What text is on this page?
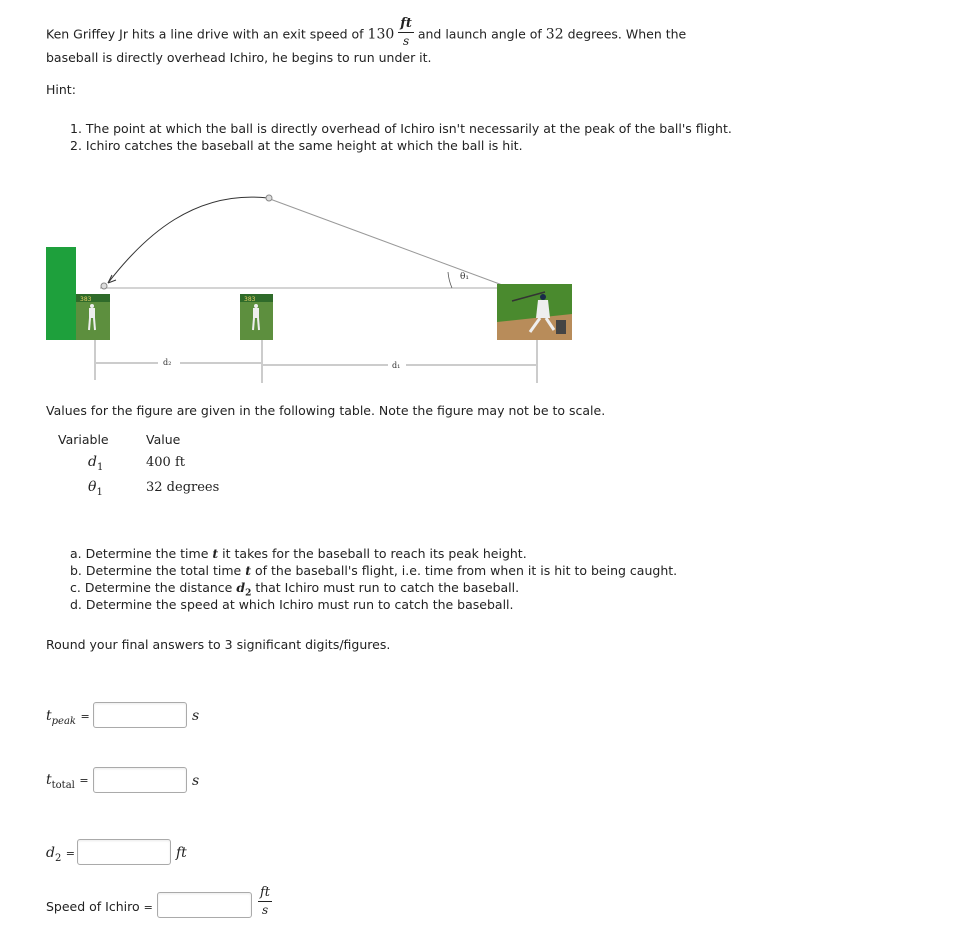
Ken Griffey Jr hits a line drive with an exit speed of $130 \frac{ft}{s}$ and launch angle of 32 degrees. When the
baseball is directly overhead Ichiro, he begins to run under it.
Hint:
1. The point at which the ball is directly overhead of Ichiro isn't necessarily at the peak of the ball's flight.
2. Ichiro catches the baseball at the same height at which the ball is hit.
θ₁
383	383
d₂	d₁
Values for the figure are given in the following table. Note the figure may not be to scale.
Variable	Value
$d_1$	400 ft
$\theta_1$	32 degrees
a. Determine the time t it takes for the baseball to reach its peak height.
b. Determine the total time t of the baseball's flight, i.e. time from when it is hit to being caught.
c. Determine the distance $d_2$ that Ichiro must run to catch the baseball.
d. Determine the speed at which Ichiro must run to catch the baseball.
Round your final answers to 3 significant digits/figures.
$t_{peak}$ =	s
$t_{total}$ =	s
$d_2$ =	ft
Speed of Ichiro =	$\frac{ft}{s}$
